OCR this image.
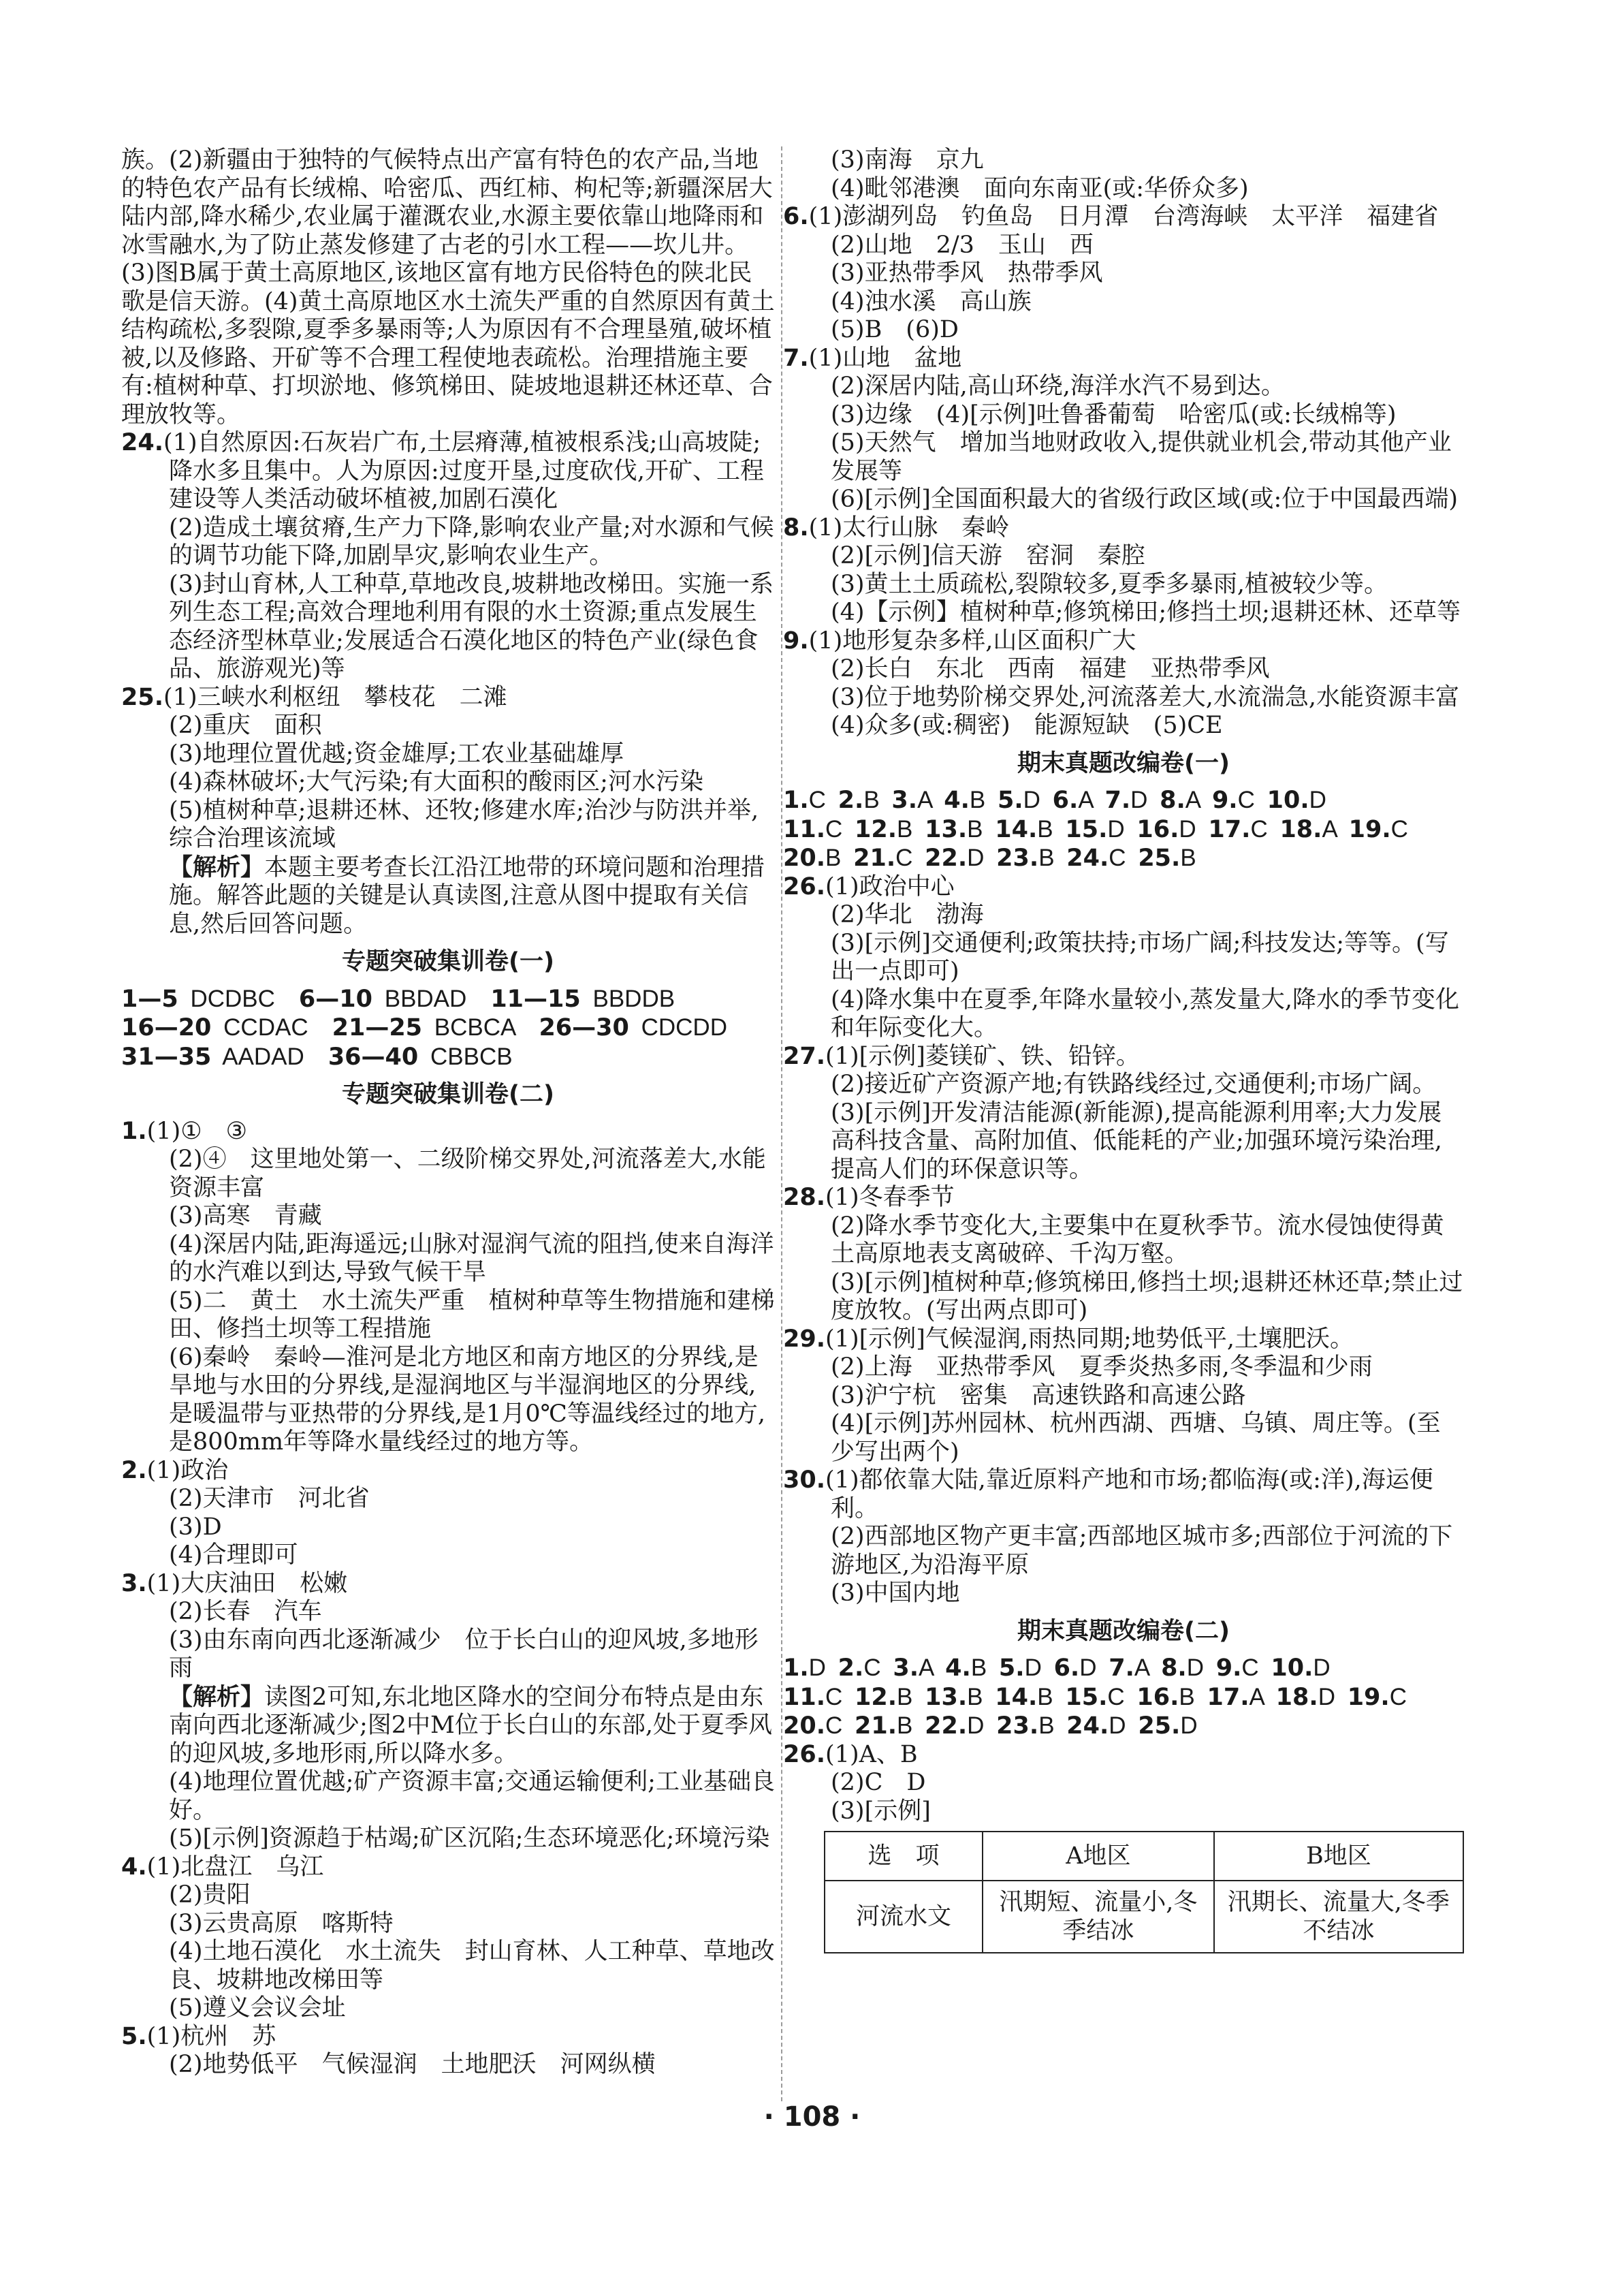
族。(2)新疆由于独特的气候特点出产富有特色的农产品,当地的特色农产品有长绒棉、哈密瓜、西红柿、枸杞等;新疆深居大陆内部,降水稀少,农业属于灌溉农业,水源主要依靠山地降雨和冰雪融水,为了防止蒸发修建了古老的引水工程——坎儿井。(3)图B属于黄土高原地区,该地区富有地方民俗特色的陕北民歌是信天游。(4)黄土高原地区水土流失严重的自然原因有黄土结构疏松,多裂隙,夏季多暴雨等;人为原因有不合理垦殖,破坏植被,以及修路、开矿等不合理工程使地表疏松。治理措施主要有:植树种草、打坝淤地、修筑梯田、陡坡地退耕还林还草、合理放牧等。

24.(1)自然原因:石灰岩广布,土层瘠薄,植被根系浅;山高坡陡;降水多且集中。人为原因:过度开垦,过度砍伐,开矿、工程建设等人类活动破坏植被,加剧石漠化

(2)造成土壤贫瘠,生产力下降,影响农业产量;对水源和气候的调节功能下降,加剧旱灾,影响农业生产。

(3)封山育林,人工种草,草地改良,坡耕地改梯田。实施一系列生态工程;高效合理地利用有限的水土资源;重点发展生态经济型林草业;发展适合石漠化地区的特色产业(绿色食品、旅游观光)等

25.(1)三峡水利枢纽　攀枝花　二滩

(2)重庆　面积

(3)地理位置优越;资金雄厚;工农业基础雄厚

(4)森林破坏;大气污染;有大面积的酸雨区;河水污染

(5)植树种草;退耕还林、还牧;修建水库;治沙与防洪并举,综合治理该流域

【解析】本题主要考查长江沿江地带的环境问题和治理措施。解答此题的关键是认真读图,注意从图中提取有关信息,然后回答问题。

专题突破集训卷(一)

1—5 DCDBC　 6—10 BBDAD　 11—15 BBDDB

16—20 CCDAC　 21—25 BCBCA　 26—30 CDCDD

31—35 AADAD　 36—40 CBBCB

专题突破集训卷(二)

1.(1)①　③

(2)④　这里地处第一、二级阶梯交界处,河流落差大,水能资源丰富

(3)高寒　青藏

(4)深居内陆,距海遥远;山脉对湿润气流的阻挡,使来自海洋的水汽难以到达,导致气候干旱

(5)二　黄土　水土流失严重　植树种草等生物措施和建梯田、修挡土坝等工程措施

(6)秦岭　秦岭—淮河是北方地区和南方地区的分界线,是旱地与水田的分界线,是湿润地区与半湿润地区的分界线,是暖温带与亚热带的分界线,是1月0℃等温线经过的地方,是800mm年等降水量线经过的地方等。

2.(1)政治

(2)天津市　河北省

(3)D

(4)合理即可

3.(1)大庆油田　松嫩

(2)长春　汽车

(3)由东南向西北逐渐减少　位于长白山的迎风坡,多地形雨

【解析】读图2可知,东北地区降水的空间分布特点是由东南向西北逐渐减少;图2中M位于长白山的东部,处于夏季风的迎风坡,多地形雨,所以降水多。

(4)地理位置优越;矿产资源丰富;交通运输便利;工业基础良好。

(5)[示例]资源趋于枯竭;矿区沉陷;生态环境恶化;环境污染

4.(1)北盘江　乌江

(2)贵阳

(3)云贵高原　喀斯特

(4)土地石漠化　水土流失　封山育林、人工种草、草地改良、坡耕地改梯田等

(5)遵义会议会址

5.(1)杭州　苏

(2)地势低平　气候湿润　土地肥沃　河网纵横

(3)南海　京九

(4)毗邻港澳　面向东南亚(或:华侨众多)

6.(1)澎湖列岛　钓鱼岛　日月潭　台湾海峡　太平洋　福建省

(2)山地　2/3　玉山　西

(3)亚热带季风　热带季风

(4)浊水溪　高山族

(5)B　(6)D

7.(1)山地　盆地

(2)深居内陆,高山环绕,海洋水汽不易到达。

(3)边缘　(4)[示例]吐鲁番葡萄　哈密瓜(或:长绒棉等)

(5)天然气　增加当地财政收入,提供就业机会,带动其他产业发展等

(6)[示例]全国面积最大的省级行政区域(或:位于中国最西端)

8.(1)太行山脉　秦岭

(2)[示例]信天游　窑洞　秦腔

(3)黄土土质疏松,裂隙较多,夏季多暴雨,植被较少等。

(4)【示例】植树种草;修筑梯田;修挡土坝;退耕还林、还草等

9.(1)地形复杂多样,山区面积广大

(2)长白　东北　西南　福建　亚热带季风

(3)位于地势阶梯交界处,河流落差大,水流湍急,水能资源丰富

(4)众多(或:稠密)　能源短缺　(5)CE

期末真题改编卷(一)

1.C 2.B 3.A 4.B 5.D 6.A 7.D 8.A 9.C 10.D

11.C 12.B 13.B 14.B 15.D 16.D 17.C 18.A 19.C

20.B 21.C 22.D 23.B 24.C 25.B

26.(1)政治中心

(2)华北　渤海

(3)[示例]交通便利;政策扶持;市场广阔;科技发达;等等。(写出一点即可)

(4)降水集中在夏季,年降水量较小,蒸发量大,降水的季节变化和年际变化大。

27.(1)[示例]菱镁矿、铁、铅锌。

(2)接近矿产资源产地;有铁路线经过,交通便利;市场广阔。

(3)[示例]开发清洁能源(新能源),提高能源利用率;大力发展高科技含量、高附加值、低能耗的产业;加强环境污染治理,提高人们的环保意识等。

28.(1)冬春季节

(2)降水季节变化大,主要集中在夏秋季节。流水侵蚀使得黄土高原地表支离破碎、千沟万壑。

(3)[示例]植树种草;修筑梯田,修挡土坝;退耕还林还草;禁止过度放牧。(写出两点即可)

29.(1)[示例]气候湿润,雨热同期;地势低平,土壤肥沃。

(2)上海　亚热带季风　夏季炎热多雨,冬季温和少雨

(3)沪宁杭　密集　高速铁路和高速公路

(4)[示例]苏州园林、杭州西湖、西塘、乌镇、周庄等。(至少写出两个)

30.(1)都依靠大陆,靠近原料产地和市场;都临海(或:洋),海运便利。

(2)西部地区物产更丰富;西部地区城市多;西部位于河流的下游地区,为沿海平原

(3)中国内地

期末真题改编卷(二)

1.D 2.C 3.A 4.B 5.D 6.D 7.A 8.D 9.C 10.D

11.C 12.B 13.B 14.B 15.C 16.B 17.A 18.D 19.C

20.C 21.B 22.D 23.B 24.D 25.D

26.(1)A、B

(2)C　D

(3)[示例]

选　项	A地区	B地区
河流水文	汛期短、流量小,冬季结冰	汛期长、流量大,冬季不结冰
· 108 ·
